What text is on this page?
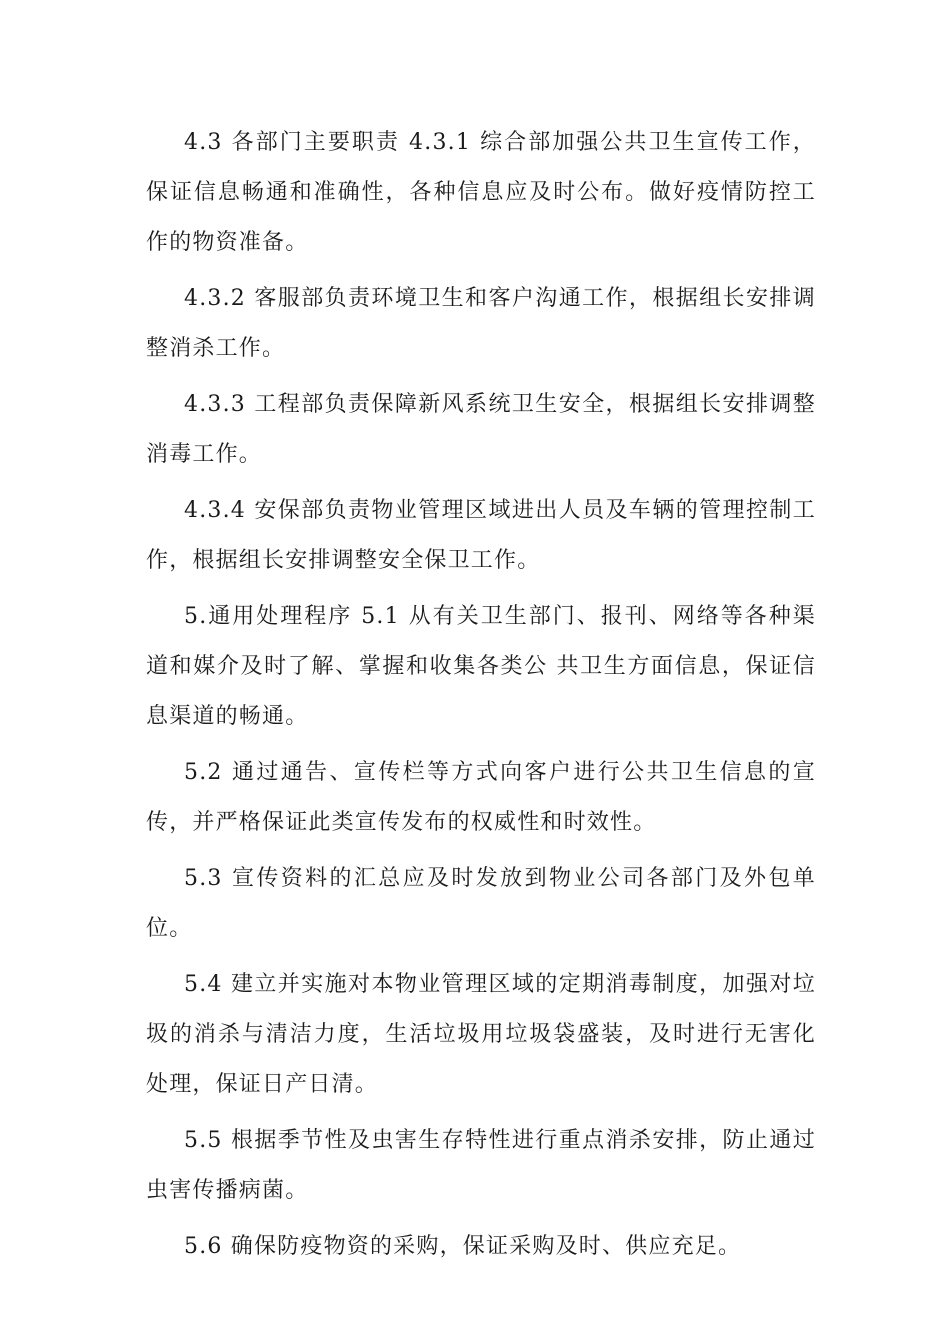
4.3 各部门主要职责 4.3.1 综合部加强公共卫生宣传工作，保证信息畅通和准确性，各种信息应及时公布。做好疫情防控工作的物资准备。

4.3.2 客服部负责环境卫生和客户沟通工作，根据组长安排调整消杀工作。

4.3.3 工程部负责保障新风系统卫生安全，根据组长安排调整消毒工作。

4.3.4 安保部负责物业管理区域进出人员及车辆的管理控制工作，根据组长安排调整安全保卫工作。

5.通用处理程序 5.1 从有关卫生部门、报刊、网络等各种渠道和媒介及时了解、掌握和收集各类公 共卫生方面信息，保证信息渠道的畅通。

5.2 通过通告、宣传栏等方式向客户进行公共卫生信息的宣传，并严格保证此类宣传发布的权威性和时效性。

5.3 宣传资料的汇总应及时发放到物业公司各部门及外包单位。

5.4 建立并实施对本物业管理区域的定期消毒制度，加强对垃圾的消杀与清洁力度，生活垃圾用垃圾袋盛装，及时进行无害化处理，保证日产日清。

5.5 根据季节性及虫害生存特性进行重点消杀安排，防止通过虫害传播病菌。

5.6 确保防疫物资的采购，保证采购及时、供应充足。
